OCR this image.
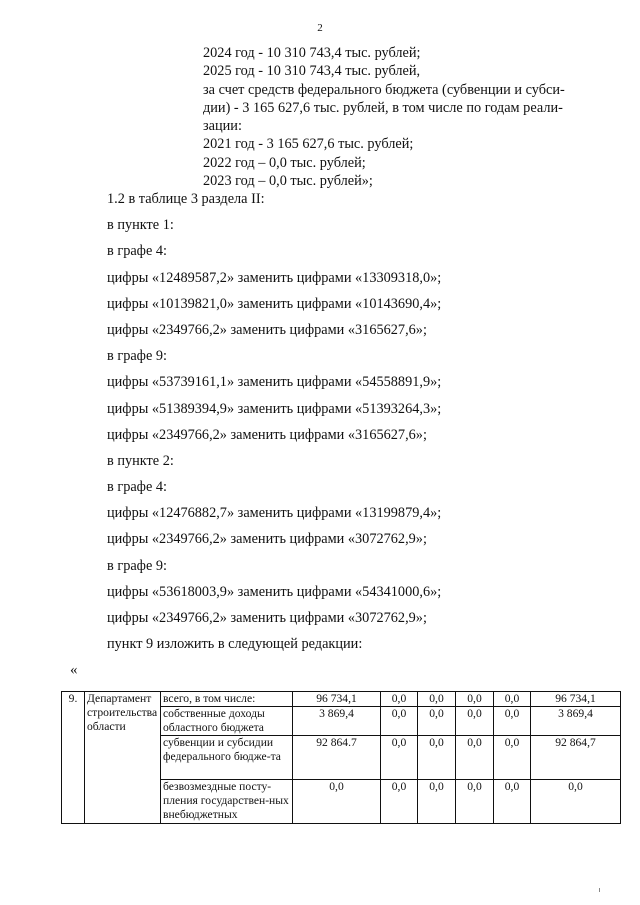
2
2024 год - 10 310 743,4 тыс. рублей;
2025 год - 10 310 743,4 тыс. рублей,
за счет средств федерального бюджета (субвенции и субси-
дии) - 3 165 627,6 тыс. рублей, в том числе по годам реали-
зации:
2021 год - 3 165 627,6 тыс. рублей;
2022 год – 0,0 тыс. рублей;
2023 год – 0,0 тыс. рублей»;
1.2 в таблице 3 раздела II:
в пункте 1:
в графе 4:
цифры «12489587,2» заменить цифрами «13309318,0»;
цифры «10139821,0» заменить цифрами «10143690,4»;
цифры «2349766,2» заменить цифрами «3165627,6»;
в графе 9:
цифры «53739161,1» заменить цифрами «54558891,9»;
цифры «51389394,9» заменить цифрами «51393264,3»;
цифры «2349766,2» заменить цифрами «3165627,6»;
в пункте 2:
в графе 4:
цифры «12476882,7» заменить цифрами «13199879,4»;
цифры «2349766,2» заменить цифрами «3072762,9»;
в графе 9:
цифры «53618003,9» заменить цифрами «54341000,6»;
цифры «2349766,2» заменить цифрами «3072762,9»;
пункт 9 изложить в следующей редакции:
«
9.	Департамент строительства области	всего, в том числе:	96 734,1	0,0	0,0	0,0	0,0	96 734,1
		собственные доходы областного бюджета	3 869,4	0,0	0,0	0,0	0,0	3 869,4
		субвенции и субсидии федерального бюдже-та	92 864.7	0,0	0,0	0,0	0,0	92 864,7
		безвозмездные посту-пления государствен-ных внебюджетных	0,0	0,0	0,0	0,0	0,0	0,0
